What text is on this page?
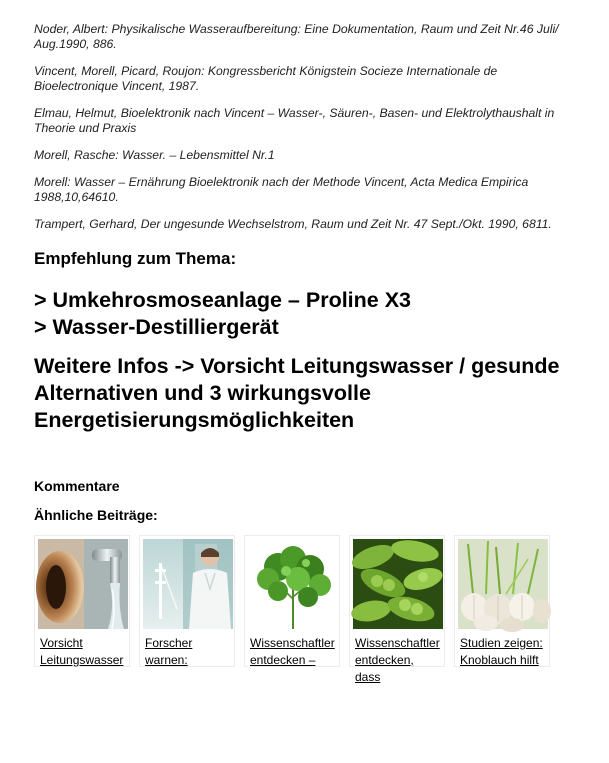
Noder, Albert: Physikalische Wasseraufbereitung: Eine Dokumentation, Raum und Zeit Nr.46 Juli/ Aug.1990, 886.

Vincent, Morell, Picard, Roujon: Kongressbericht Königstein Socieze Internationale de Bioelectronique Vincent, 1987.

Elmau, Helmut, Bioelektronik nach Vincent – Wasser-, Säuren-, Basen- und Elektrolythaushalt in Theorie und Praxis

Morell, Rasche: Wasser. – Lebensmittel Nr.1

Morell: Wasser – Ernährung Bioelektronik nach der Methode Vincent, Acta Medica Empirica 1988,10,64610.

Trampert, Gerhard, Der ungesunde Wechselstrom, Raum und Zeit Nr. 47 Sept./Okt. 1990, 6811.

Empfehlung zum Thema:
> Umkehrosmoseanlage – Proline X3
> Wasser-Destilliergerät
Weitere Infos -> Vorsicht Leitungswasser / gesunde Alternativen und 3 wirkungsvolle Energetisierungsmöglichkeiten
Kommentare
Ähnliche Beiträge:
Vorsicht Leitungswasser
Forscher warnen:
Wissenschaftler entdecken –
Wissenschaftler entdecken, dass
Studien zeigen: Knoblauch hilft
